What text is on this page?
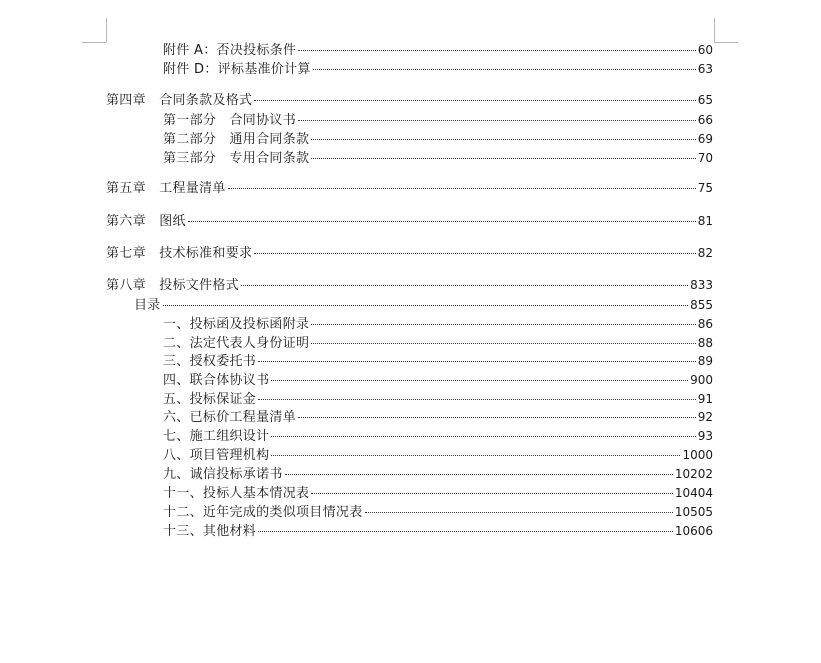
附件 A：否决投标条件	60
附件 D：评标基准价计算	63
第四章　合同条款及格式	65
第一部分　合同协议书	66
第二部分　通用合同条款	69
第三部分　专用合同条款	70
第五章　工程量清单	75
第六章　图纸	81
第七章　技术标准和要求	82
第八章　投标文件格式	833
目录	855
一、投标函及投标函附录	86
二、法定代表人身份证明	88
三、授权委托书	89
四、联合体协议书	900
五、投标保证金	91
六、已标价工程量清单	92
七、施工组织设计	93
八、项目管理机构	1000
九、诚信投标承诺书	10202
十一、投标人基本情况表	10404
十二、近年完成的类似项目情况表	10505
十三、其他材料	10606
